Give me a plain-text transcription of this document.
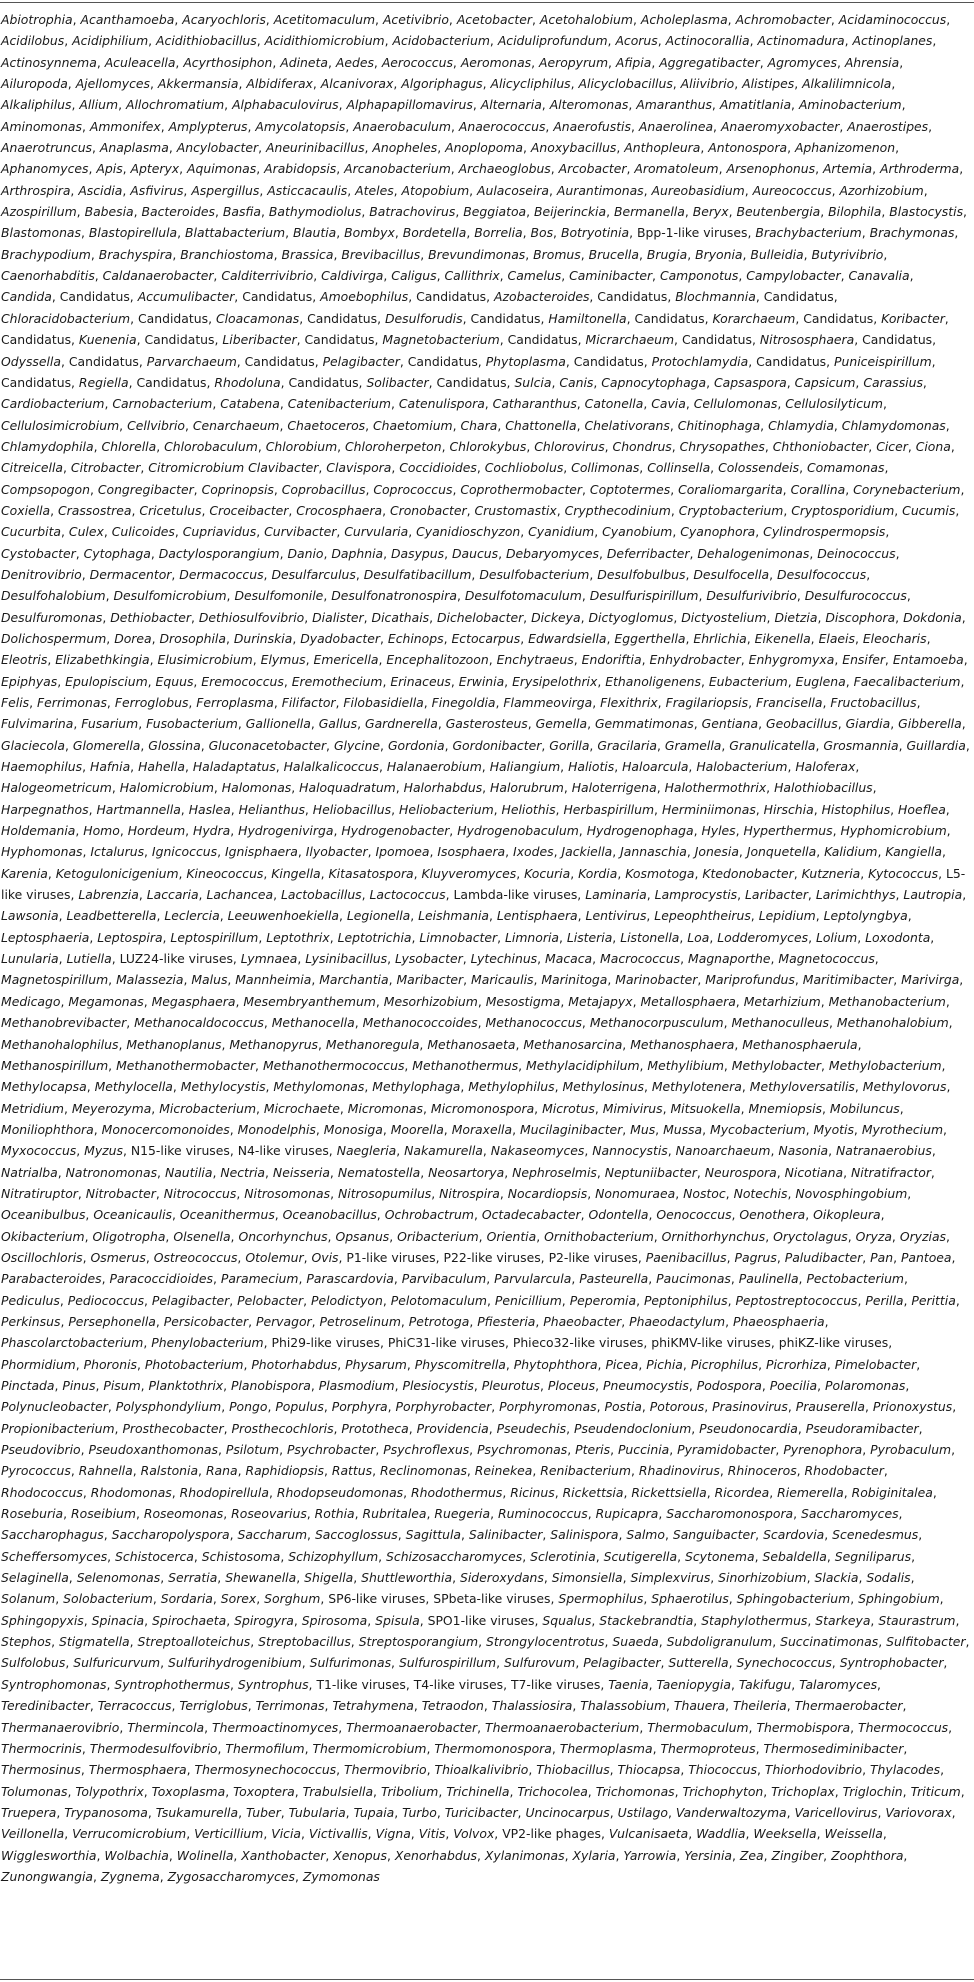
Abiotrophia, Acanthamoeba, Acaryochloris, Acetitomaculum, Acetivibrio, Acetobacter, Acetohalobium, Acholeplasma, Achromobacter, Acidaminococcus, Acidilobus, Acidiphilium, Acidithiobacillus, Acidithiomicrobium, Acidobacterium, Aciduliprofundum, Acorus, Actinocorallia, Actinomadura, Actinoplanes, Actinosynnema, Aculeacella, Acyrthosiphon, Adineta, Aedes, Aerococcus, Aeromonas, Aeropyrum, Afipia, Aggregatibacter, Agromyces, Ahrensia, Ailuropoda, Ajellomyces, Akkermansia, Albidiferax, Alcanivorax, Algoriphagus, Alicycliphilus, Alicyclobacillus, Aliivibrio, Alistipes, Alkalilimnicola, Alkaliphilus, Allium, Allochromatium, Alphabaculovirus, Alphapapillomavirus, Alternaria, Alteromonas, Amaranthus, Amatitlania, Aminobacterium, Aminomonas, Ammonifex, Amplypterus, Amycolatopsis, Anaerobaculum, Anaerococcus, Anaerofustis, Anaerolinea, Anaeromyxobacter, Anaerostipes, Anaerotruncus, Anaplasma, Ancylobacter, Aneurinibacillus, Anopheles, Anoplopoma, Anoxybacillus, Anthopleura, Antonospora, Aphanizomenon, Aphanomyces, Apis, Apteryx, Aquimonas, Arabidopsis, Arcanobacterium, Archaeoglobus, Arcobacter, Aromatoleum, Arsenophonus, Artemia, Arthroderma, Arthrospira, Ascidia, Asfivirus, Aspergillus, Asticcacaulis, Ateles, Atopobium, Aulacoseira, Aurantimonas, Aureobasidium, Aureococcus, Azorhizobium, Azospirillum, Babesia, Bacteroides, Basfia, Bathymodiolus, Batrachovirus, Beggiatoa, Beijerinckia, Bermanella, Beryx, Beutenbergia, Bilophila, Blastocystis, Blastomonas, Blastopirellula, Blattabacterium, Blautia, Bombyx, Bordetella, Borrelia, Bos, Botryotinia, Bpp-1-like viruses, Brachybacterium, Brachymonas, Brachypodium, Brachyspira, Branchiostoma, Brassica, Brevibacillus, Brevundimonas, Bromus, Brucella, Brugia, Bryonia, Bulleidia, Butyrivibrio, Caenorhabditis, Caldanaerobacter, Calditerrivibrio, Caldivirga, Caligus, Callithrix, Camelus, Caminibacter, Camponotus, Campylobacter, Canavalia, Candida, Candidatus, Accumulibacter, Candidatus, Amoebophilus, Candidatus, Azobacteroides, Candidatus, Blochmannia, Candidatus, Chloracidobacterium, Candidatus, Cloacamonas, Candidatus, Desulforudis, Candidatus, Hamiltonella, Candidatus, Korarchaeum, Candidatus, Koribacter, Candidatus, Kuenenia, Candidatus, Liberibacter, Candidatus, Magnetobacterium, Candidatus, Micrarchaeum, Candidatus, Nitrososphaera, Candidatus, Odyssella, Candidatus, Parvarchaeum, Candidatus, Pelagibacter, Candidatus, Phytoplasma, Candidatus, Protochlamydia, Candidatus, Puniceispirillum, Candidatus, Regiella, Candidatus, Rhodoluna, Candidatus, Solibacter, Candidatus, Sulcia, Canis, Capnocytophaga, Capsaspora, Capsicum, Carassius, Cardiobacterium, Carnobacterium, Catabena, Catenibacterium, Catenulispora, Catharanthus, Catonella, Cavia, Cellulomonas, Cellulosilyticum, Cellulosimicrobium, Cellvibrio, Cenarchaeum, Chaetoceros, Chaetomium, Chara, Chattonella, Chelativorans, Chitinophaga, Chlamydia, Chlamydomonas, Chlamydophila, Chlorella, Chlorobaculum, Chlorobium, Chloroherpeton, Chlorokybus, Chlorovirus, Chondrus, Chrysopathes, Chthoniobacter, Cicer, Ciona, Citreicella, Citrobacter, Citromicrobium Clavibacter, Clavispora, Coccidioides, Cochliobolus, Collimonas, Collinsella, Colossendeis, Comamonas, Compsopogon, Congregibacter, Coprinopsis, Coprobacillus, Coprococcus, Coprothermobacter, Coptotermes, Coraliomargarita, Corallina, Corynebacterium, Coxiella, Crassostrea, Cricetulus, Croceibacter, Crocosphaera, Cronobacter, Crustomastix, Crypthecodinium, Cryptobacterium, Cryptosporidium, Cucumis, Cucurbita, Culex, Culicoides, Cupriavidus, Curvibacter, Curvularia, Cyanidioschyzon, Cyanidium, Cyanobium, Cyanophora, Cylindrospermopsis, Cystobacter, Cytophaga, Dactylosporangium, Danio, Daphnia, Dasypus, Daucus, Debaryomyces, Deferribacter, Dehalogenimonas, Deinococcus, Denitrovibrio, Dermacentor, Dermacoccus, Desulfarculus, Desulfatibacillum, Desulfobacterium, Desulfobulbus, Desulfocella, Desulfococcus, Desulfohalobium, Desulfomicrobium, Desulfomonile, Desulfonatronospira, Desulfotomaculum, Desulfurispirillum, Desulfurivibrio, Desulfurococcus, Desulfuromonas, Dethiobacter, Dethiosulfovibrio, Dialister, Dicathais, Dichelobacter, Dickeya, Dictyoglomus, Dictyostelium, Dietzia, Discophora, Dokdonia, Dolichospermum, Dorea, Drosophila, Durinskia, Dyadobacter, Echinops, Ectocarpus, Edwardsiella, Eggerthella, Ehrlichia, Eikenella, Elaeis, Eleocharis, Eleotris, Elizabethkingia, Elusimicrobium, Elymus, Emericella, Encephalitozoon, Enchytraeus, Endoriftia, Enhydrobacter, Enhygromyxa, Ensifer, Entamoeba, Epiphyas, Epulopiscium, Equus, Eremococcus, Eremothecium, Erinaceus, Erwinia, Erysipelothrix, Ethanoligenens, Eubacterium, Euglena, Faecalibacterium, Felis, Ferrimonas, Ferroglobus, Ferroplasma, Filifactor, Filobasidiella, Finegoldia, Flammeovirga, Flexithrix, Fragilariopsis, Francisella, Fructobacillus, Fulvimarina, Fusarium, Fusobacterium, Gallionella, Gallus, Gardnerella, Gasterosteus, Gemella, Gemmatimonas, Gentiana, Geobacillus, Giardia, Gibberella, Glaciecola, Glomerella, Glossina, Gluconacetobacter, Glycine, Gordonia, Gordonibacter, Gorilla, Gracilaria, Gramella, Granulicatella, Grosmannia, Guillardia, Haemophilus, Hafnia, Hahella, Haladaptatus, Halalkalicoccus, Halanaerobium, Haliangium, Haliotis, Haloarcula, Halobacterium, Haloferax, Halogeometricum, Halomicrobium, Halomonas, Haloquadratum, Halorhabdus, Halorubrum, Haloterrigena, Halothermothrix, Halothiobacillus, Harpegnathos, Hartmannella, Haslea, Helianthus, Heliobacillus, Heliobacterium, Heliothis, Herbaspirillum, Herminiimonas, Hirschia, Histophilus, Hoeflea, Holdemania, Homo, Hordeum, Hydra, Hydrogenivirga, Hydrogenobacter, Hydrogenobaculum, Hydrogenophaga, Hyles, Hyperthermus, Hyphomicrobium, Hyphomonas, Ictalurus, Ignicoccus, Ignisphaera, Ilyobacter, Ipomoea, Isosphaera, Ixodes, Jackiella, Jannaschia, Jonesia, Jonquetella, Kalidium, Kangiella, Karenia, Ketogulonicigenium, Kineococcus, Kingella, Kitasatospora, Kluyveromyces, Kocuria, Kordia, Kosmotoga, Ktedonobacter, Kutzneria, Kytococcus, L5-like viruses, Labrenzia, Laccaria, Lachancea, Lactobacillus, Lactococcus, Lambda-like viruses, Laminaria, Lamprocystis, Laribacter, Larimichthys, Lautropia, Lawsonia, Leadbetterella, Leclercia, Leeuwenhoekiella, Legionella, Leishmania, Lentisphaera, Lentivirus, Lepeophtheirus, Lepidium, Leptolyngbya, Leptosphaeria, Leptospira, Leptospirillum, Leptothrix, Leptotrichia, Limnobacter, Limnoria, Listeria, Listonella, Loa, Lodderomyces, Lolium, Loxodonta, Lunularia, Lutiella, LUZ24-like viruses, Lymnaea, Lysinibacillus, Lysobacter, Lytechinus, Macaca, Macrococcus, Magnaporthe, Magnetococcus, Magnetospirillum, Malassezia, Malus, Mannheimia, Marchantia, Maribacter, Maricaulis, Marinitoga, Marinobacter, Mariprofundus, Maritimibacter, Marivirga, Medicago, Megamonas, Megasphaera, Mesembryanthemum, Mesorhizobium, Mesostigma, Metajapyx, Metallosphaera, Metarhizium, Methanobacterium, Methanobrevibacter, Methanocaldococcus, Methanocella, Methanococcoides, Methanococcus, Methanocorpusculum, Methanoculleus, Methanohalobium, Methanohalophilus, Methanoplanus, Methanopyrus, Methanoregula, Methanosaeta, Methanosarcina, Methanosphaera, Methanosphaerula, Methanospirillum, Methanothermobacter, Methanothermococcus, Methanothermus, Methylacidiphilum, Methylibium, Methylobacter, Methylobacterium, Methylocapsa, Methylocella, Methylocystis, Methylomonas, Methylophaga, Methylophilus, Methylosinus, Methylotenera, Methyloversatilis, Methylovorus, Metridium, Meyerozyma, Microbacterium, Microchaete, Micromonas, Micromonospora, Microtus, Mimivirus, Mitsuokella, Mnemiopsis, Mobiluncus, Moniliophthora, Monocercomonoides, Monodelphis, Monosiga, Moorella, Moraxella, Mucilaginibacter, Mus, Mussa, Mycobacterium, Myotis, Myrothecium, Myxococcus, Myzus, N15-like viruses, N4-like viruses, Naegleria, Nakamurella, Nakaseomyces, Nannocystis, Nanoarchaeum, Nasonia, Natranaerobius, Natrialba, Natronomonas, Nautilia, Nectria, Neisseria, Nematostella, Neosartorya, Nephroselmis, Neptuniibacter, Neurospora, Nicotiana, Nitratifractor, Nitratiruptor, Nitrobacter, Nitrococcus, Nitrosomonas, Nitrosopumilus, Nitrospira, Nocardiopsis, Nonomuraea, Nostoc, Notechis, Novosphingobium, Oceanibulbus, Oceanicaulis, Oceanithermus, Oceanobacillus, Ochrobactrum, Octadecabacter, Odontella, Oenococcus, Oenothera, Oikopleura, Okibacterium, Oligotropha, Olsenella, Oncorhynchus, Opsanus, Oribacterium, Orientia, Ornithobacterium, Ornithorhynchus, Oryctolagus, Oryza, Oryzias, Oscillochloris, Osmerus, Ostreococcus, Otolemur, Ovis, P1-like viruses, P22-like viruses, P2-like viruses, Paenibacillus, Pagrus, Paludibacter, Pan, Pantoea, Parabacteroides, Paracoccidioides, Paramecium, Parascardovia, Parvibaculum, Parvularcula, Pasteurella, Paucimonas, Paulinella, Pectobacterium, Pediculus, Pediococcus, Pelagibacter, Pelobacter, Pelodictyon, Pelotomaculum, Penicillium, Peperomia, Peptoniphilus, Peptostreptococcus, Perilla, Perittia, Perkinsus, Persephonella, Persicobacter, Pervagor, Petroselinum, Petrotoga, Pfiesteria, Phaeobacter, Phaeodactylum, Phaeosphaeria, Phascolarctobacterium, Phenylobacterium, Phi29-like viruses, PhiC31-like viruses, Phieco32-like viruses, phiKMV-like viruses, phiKZ-like viruses, Phormidium, Phoronis, Photobacterium, Photorhabdus, Physarum, Physcomitrella, Phytophthora, Picea, Pichia, Picrophilus, Picrorhiza, Pimelobacter, Pinctada, Pinus, Pisum, Planktothrix, Planobispora, Plasmodium, Plesiocystis, Pleurotus, Ploceus, Pneumocystis, Podospora, Poecilia, Polaromonas, Polynucleobacter, Polysphondylium, Pongo, Populus, Porphyra, Porphyrobacter, Porphyromonas, Postia, Potorous, Prasinovirus, Prauserella, Prionoxystus, Propionibacterium, Prosthecobacter, Prosthecochloris, Prototheca, Providencia, Pseudechis, Pseudendoclonium, Pseudonocardia, Pseudoramibacter, Pseudovibrio, Pseudoxanthomonas, Psilotum, Psychrobacter, Psychroflexus, Psychromonas, Pteris, Puccinia, Pyramidobacter, Pyrenophora, Pyrobaculum, Pyrococcus, Rahnella, Ralstonia, Rana, Raphidiopsis, Rattus, Reclinomonas, Reinekea, Renibacterium, Rhadinovirus, Rhinoceros, Rhodobacter, Rhodococcus, Rhodomonas, Rhodopirellula, Rhodopseudomonas, Rhodothermus, Ricinus, Rickettsia, Rickettsiella, Ricordea, Riemerella, Robiginitalea, Roseburia, Roseibium, Roseomonas, Roseovarius, Rothia, Rubritalea, Ruegeria, Ruminococcus, Rupicapra, Saccharomonospora, Saccharomyces, Saccharophagus, Saccharopolyspora, Saccharum, Saccoglossus, Sagittula, Salinibacter, Salinispora, Salmo, Sanguibacter, Scardovia, Scenedesmus, Scheffersomyces, Schistocerca, Schistosoma, Schizophyllum, Schizosaccharomyces, Sclerotinia, Scutigerella, Scytonema, Sebaldella, Segniliparus, Selaginella, Selenomonas, Serratia, Shewanella, Shigella, Shuttleworthia, Sideroxydans, Simonsiella, Simplexvirus, Sinorhizobium, Slackia, Sodalis, Solanum, Solobacterium, Sordaria, Sorex, Sorghum, SP6-like viruses, SPbeta-like viruses, Spermophilus, Sphaerotilus, Sphingobacterium, Sphingobium, Sphingopyxis, Spinacia, Spirochaeta, Spirogyra, Spirosoma, Spisula, SPO1-like viruses, Squalus, Stackebrandtia, Staphylothermus, Starkeya, Staurastrum, Stephos, Stigmatella, Streptoalloteichus, Streptobacillus, Streptosporangium, Strongylocentrotus, Suaeda, Subdoligranulum, Succinatimonas, Sulfitobacter, Sulfolobus, Sulfuricurvum, Sulfurihydrogenibium, Sulfurimonas, Sulfurospirillum, Sulfurovum, Pelagibacter, Sutterella, Synechococcus, Syntrophobacter, Syntrophomonas, Syntrophothermus, Syntrophus, T1-like viruses, T4-like viruses, T7-like viruses, Taenia, Taeniopygia, Takifugu, Talaromyces, Teredinibacter, Terracoccus, Terriglobus, Terrimonas, Tetrahymena, Tetraodon, Thalassiosira, Thalassobium, Thauera, Theileria, Thermaerobacter, Thermanaerovibrio, Thermincola, Thermoactinomyces, Thermoanaerobacter, Thermoanaerobacterium, Thermobaculum, Thermobispora, Thermococcus, Thermocrinis, Thermodesulfovibrio, Thermofilum, Thermomicrobium, Thermomonospora, Thermoplasma, Thermoproteus, Thermosediminibacter, Thermosinus, Thermosphaera, Thermosynechococcus, Thermovibrio, Thioalkalivibrio, Thiobacillus, Thiocapsa, Thiococcus, Thiorhodovibrio, Thylacodes, Tolumonas, Tolypothrix, Toxoplasma, Toxoptera, Trabulsiella, Tribolium, Trichinella, Trichocolea, Trichomonas, Trichophyton, Trichoplax, Triglochin, Triticum, Truepera, Trypanosoma, Tsukamurella, Tuber, Tubularia, Tupaia, Turbo, Turicibacter, Uncinocarpus, Ustilago, Vanderwaltozyma, Varicellovirus, Variovorax, Veillonella, Verrucomicrobium, Verticillium, Vicia, Victivallis, Vigna, Vitis, Volvox, VP2-like phages, Vulcanisaeta, Waddlia, Weeksella, Weissella, Wigglesworthia, Wolbachia, Wolinella, Xanthobacter, Xenopus, Xenorhabdus, Xylanimonas, Xylaria, Yarrowia, Yersinia, Zea, Zingiber, Zoophthora, Zunongwangia, Zygnema, Zygosaccharomyces, Zymomonas
